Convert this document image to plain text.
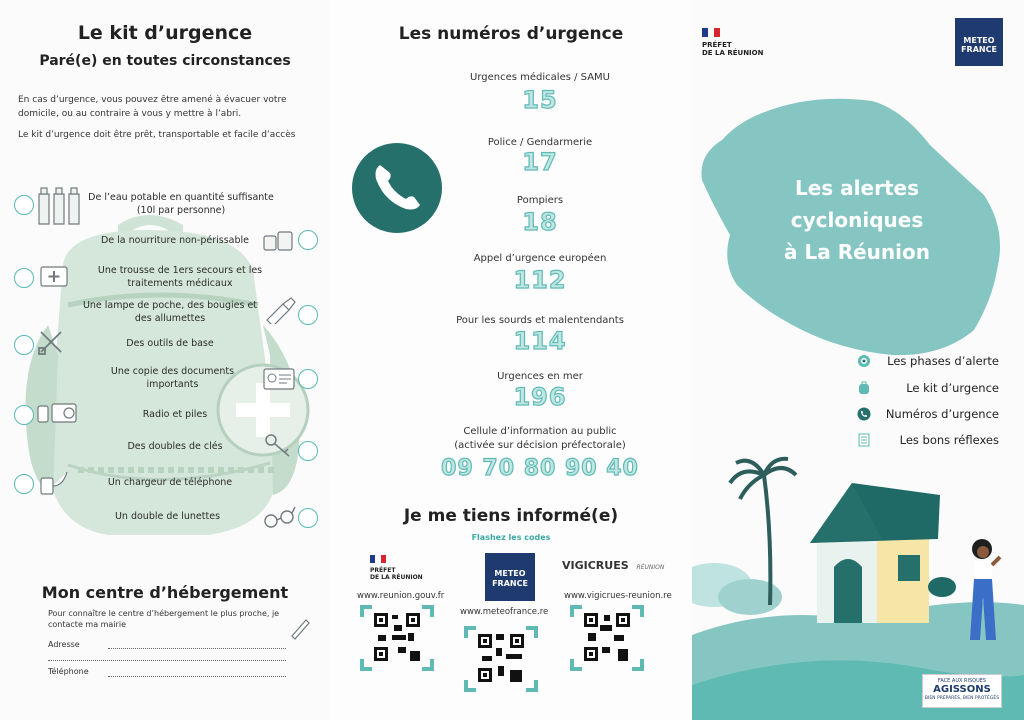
Le kit d’urgence
Paré(e) en toutes circonstances

En cas d’urgence, vous pouvez être amené à évacuer votre domicile, ou au contraire à vous y mettre à l’abri.

Le kit d’urgence doit être prêt, transportable et facile d’accès

De l’eau potable en quantité suffisante (10l par personne)
De la nourriture non-périssable
Une trousse de 1ers secours et les traitements médicaux
Une lampe de poche, des bougies et des allumettes
Des outils de base
Une copie des documents importants
Radio et piles
Des doubles de clés
Un chargeur de téléphone
Un double de lunettes
Mon centre d’hébergement

Pour connaître le centre d’hébergement le plus proche, je contacte ma mairie

Adresse
Téléphone
Les numéros d’urgence
Urgences médicales / SAMU
15
Police / Gendarmerie
17
Pompiers
18
Appel d’urgence européen
112
Pour les sourds et malentendants
114
Urgences en mer
196
Cellule d’information au public
(activée sur décision préfectorale)
09 70 80 90 40
Je me tiens informé(e)
Flashez les codes
PRÉFET
DE LA RÉUNION	METEO
FRANCE
VIGICRUES RÉUNION
www.reunion.gouv.fr
www.meteofrance.re
www.vigicrues-reunion.re
PRÉFET
DE LA RÉUNION
METEO
FRANCE
Les alertes
cycloniques
à La Réunion
Les phases d’alerte
Le kit d’urgence
Numéros d’urgence
Les bons réflexes
FACE AUX RISQUES
AGISSONS
BIEN PRÉPARÉS, BIEN PROTÉGÉS
